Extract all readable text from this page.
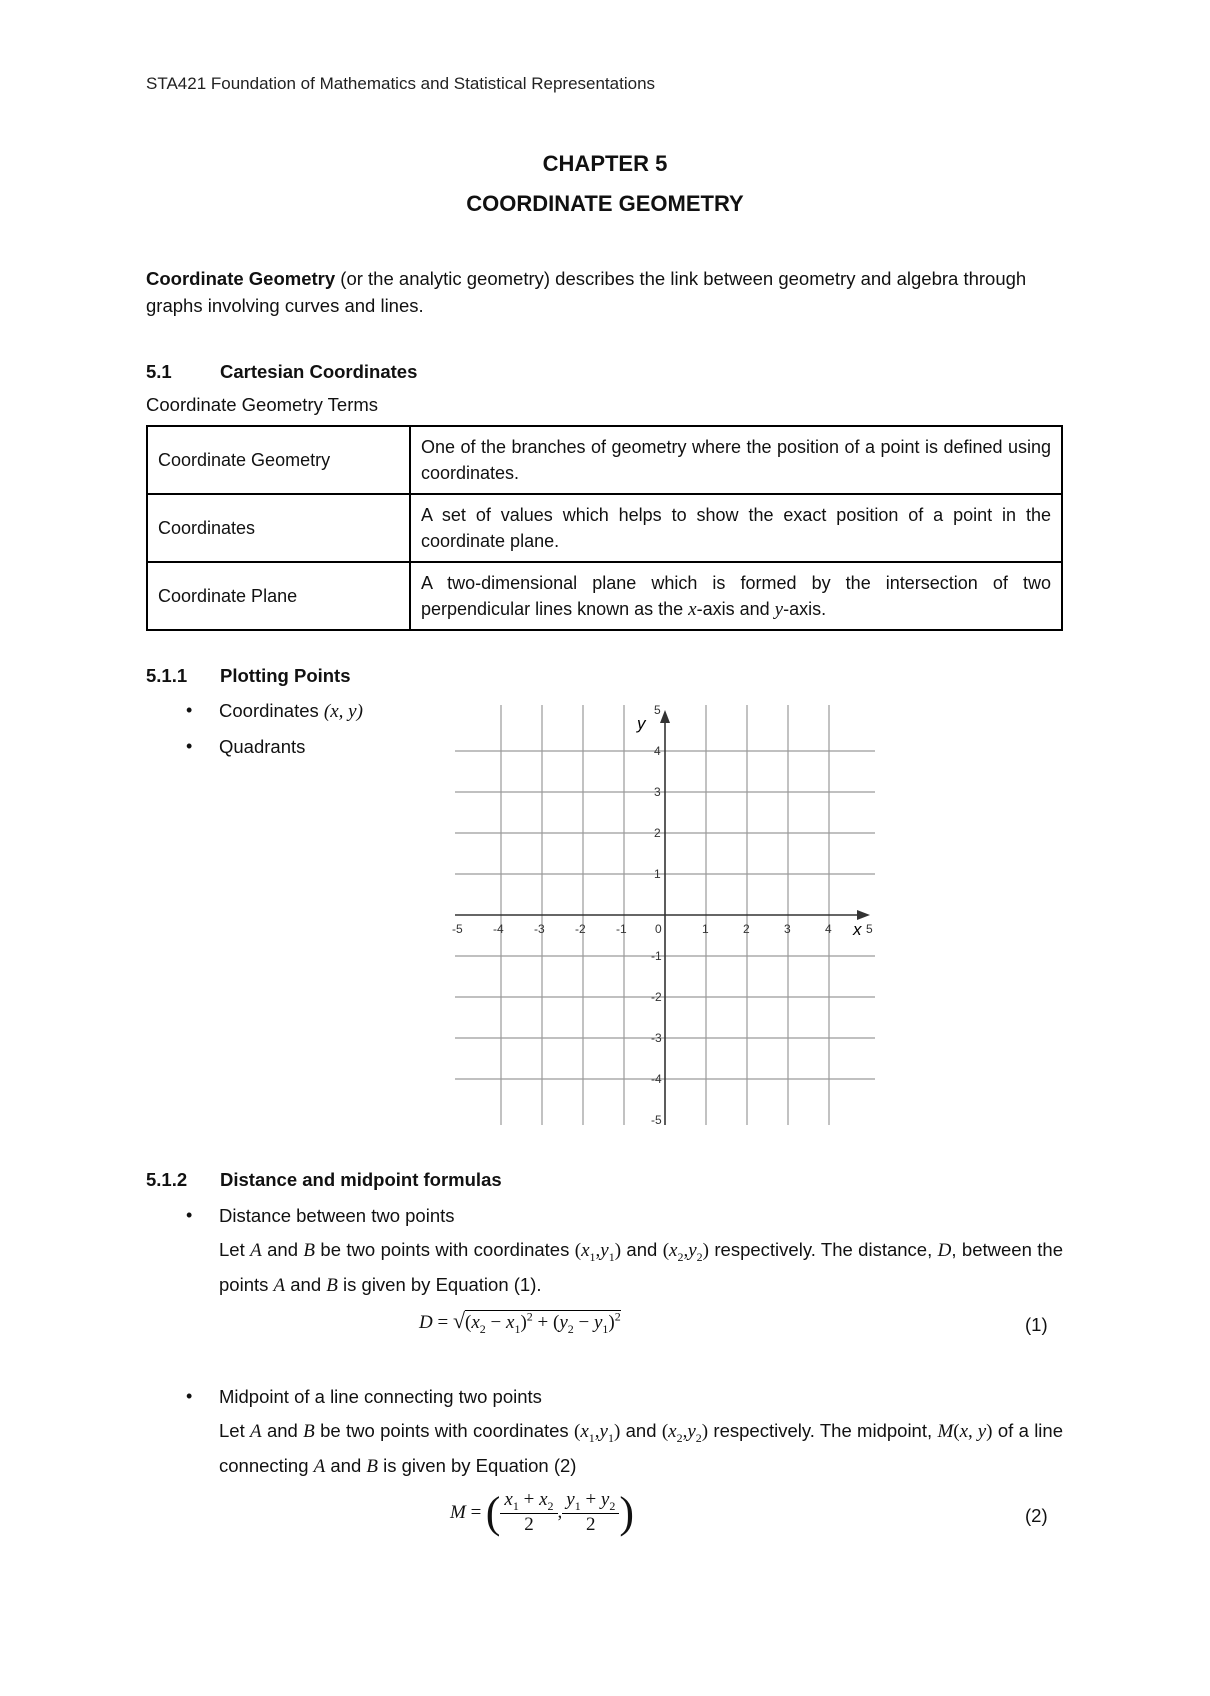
STA421 Foundation of Mathematics and Statistical Representations
CHAPTER 5
COORDINATE GEOMETRY

Coordinate Geometry (or the analytic geometry) describes the link between geometry and algebra through graphs involving curves and lines.

5.1	Cartesian Coordinates
Coordinate Geometry Terms
Coordinate Geometry	One of the branches of geometry where the position of a point is defined using coordinates.
Coordinates	A set of values which helps to show the exact position of a point in the coordinate plane.
Coordinate Plane	A two-dimensional plane which is formed by the intersection of two perpendicular lines known as the x-axis and y-axis.
5.1.1 Plotting Points
• Coordinates (x, y)
• Quadrants
-5	-4	-3	-2	-1 0	1	2	3	4	5
5
4
3
2
1
-1
-2
-3
-4
-5
x
y
5.1.2 Distance and midpoint formulas
• Distance between two points

Let A and B be two points with coordinates $(x_1,y_1)$ and $(x_2,y_2)$ respectively. The distance, D, between the points A and B is given by Equation (1).

$D = √(x_2 - x_1)^2 + (y_2 - y_1)^2$	(1)
• Midpoint of a line connecting two points

Let A and B be two points with coordinates $(x_1,y_1)$ and $(x_2,y_2)$ respectively. The midpoint, M(x, y) of a line connecting A and B is given by Equation (2)

M = ( $\frac{x_1 + x_2}{2}$ , $\frac{y_1 + y_2}{2}$ )	(2)
